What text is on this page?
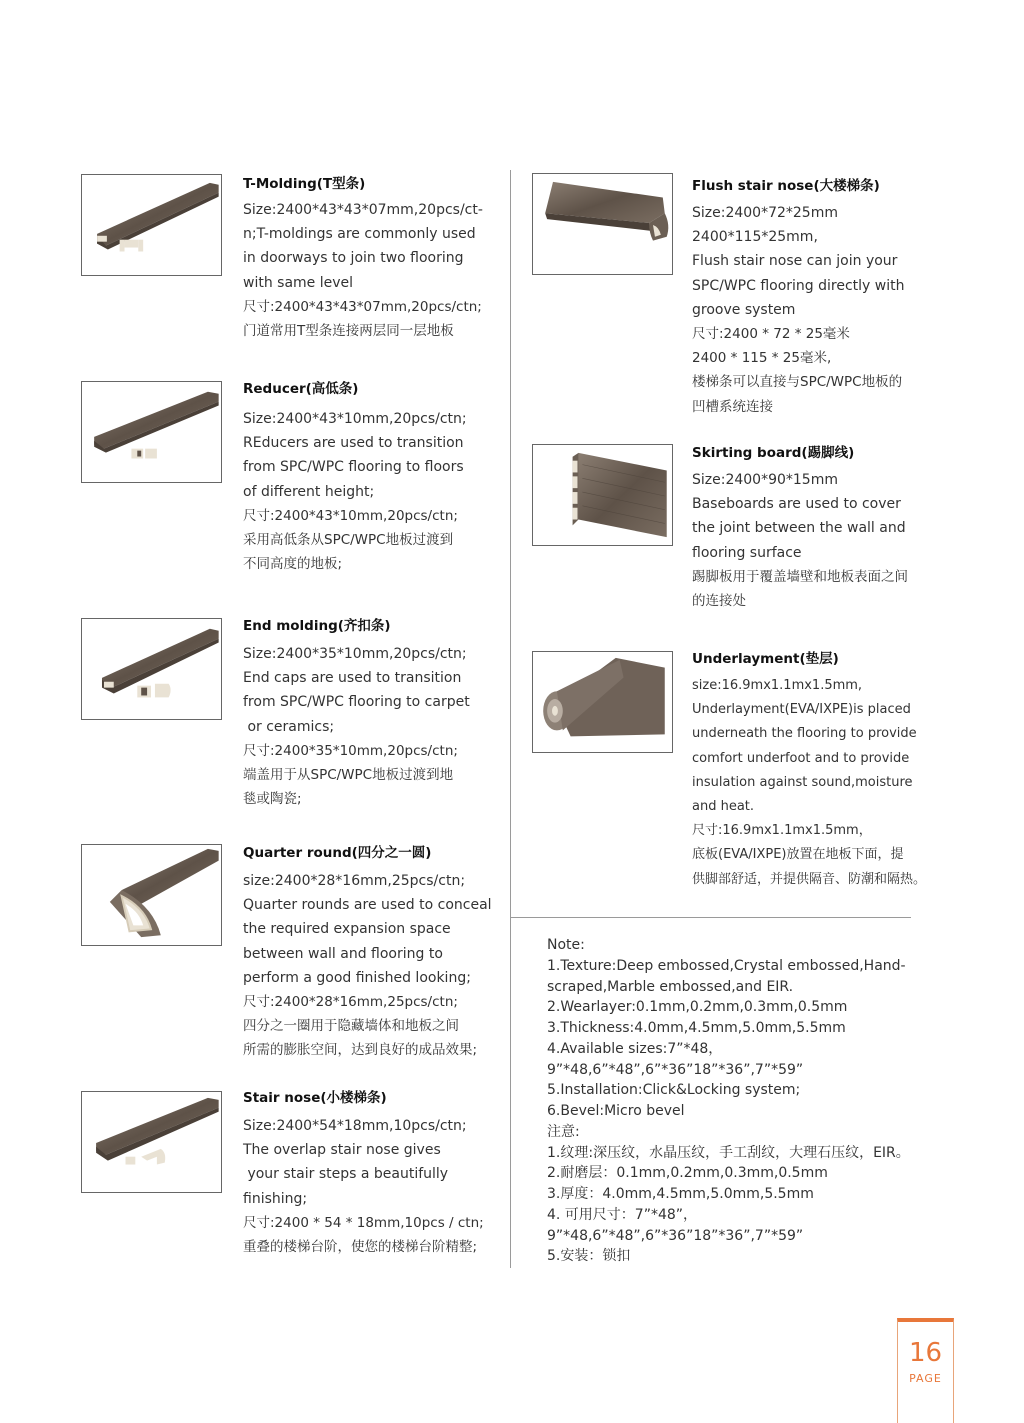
T-Molding(T型条)
Size:2400*43*43*07mm,20pcs/ct-
n;T-moldings are commonly used
in doorways to join two flooring
with same level
尺寸:2400*43*43*07mm,20pcs/ctn;
门道常用T型条连接两层同一层地板
Reducer(高低条)
Size:2400*43*10mm,20pcs/ctn;
REducers are used to transition
from SPC/WPC flooring to floors
of different height;
尺寸:2400*43*10mm,20pcs/ctn;
采用高低条从SPC/WPC地板过渡到
不同高度的地板;
End molding(齐扣条)
Size:2400*35*10mm,20pcs/ctn;
End caps are used to transition
from SPC/WPC flooring to carpet
or ceramics;
尺寸:2400*35*10mm,20pcs/ctn;
端盖用于从SPC/WPC地板过渡到地
毯或陶瓷;
Quarter round(四分之一圆)
size:2400*28*16mm,25pcs/ctn;
Quarter rounds are used to conceal
the required expansion space
between wall and flooring to
perform a good finished looking;
尺寸:2400*28*16mm,25pcs/ctn;
四分之一圈用于隐藏墙体和地板之间
所需的膨胀空间，达到良好的成品效果;
Stair nose(小楼梯条)
Size:2400*54*18mm,10pcs/ctn;
The overlap stair nose gives
your stair steps a beautifully
finishing;
尺寸:2400 * 54 * 18mm,10pcs / ctn;
重叠的楼梯台阶，使您的楼梯台阶精整;
Flush stair nose(大楼梯条)
Size:2400*72*25mm
2400*115*25mm,
Flush stair nose can join your
SPC/WPC flooring directly with
groove system
尺寸:2400 * 72 * 25毫米
2400 * 115 * 25毫米,
楼梯条可以直接与SPC/WPC地板的
凹槽系统连接
Skirting board(踢脚线)
Size:2400*90*15mm
Baseboards are used to cover
the joint between the wall and
flooring surface
踢脚板用于覆盖墙壁和地板表面之间
的连接处
Underlayment(垫层)
size:16.9mx1.1mx1.5mm,
Underlayment(EVA/IXPE)is placed
underneath the flooring to provide
comfort underfoot and to provide
insulation against sound,moisture
and heat.
尺寸:16.9mx1.1mx1.5mm，
底板(EVA/IXPE)放置在地板下面，提
供脚部舒适，并提供隔音、防潮和隔热。
Note:
1.Texture:Deep embossed,Crystal embossed,Hand-
scraped,Marble embossed,and EIR.
2.Wearlayer:0.1mm,0.2mm,0.3mm,0.5mm
3.Thickness:4.0mm,4.5mm,5.0mm,5.5mm
4.Available sizes:7”*48，
9”*48,6”*48”,6”*36”18”*36”,7”*59”
5.Installation:Click&Locking system;
6.Bevel:Micro bevel
注意:
1.纹理:深压纹，水晶压纹，手工刮纹，大理石压纹，EIR。
2.耐磨层：0.1mm,0.2mm,0.3mm,0.5mm
3.厚度：4.0mm,4.5mm,5.0mm,5.5mm
4. 可用尺寸：7”*48”，
9”*48,6”*48”,6”*36”18”*36”,7”*59”
5.安装：锁扣
16
PAGE
